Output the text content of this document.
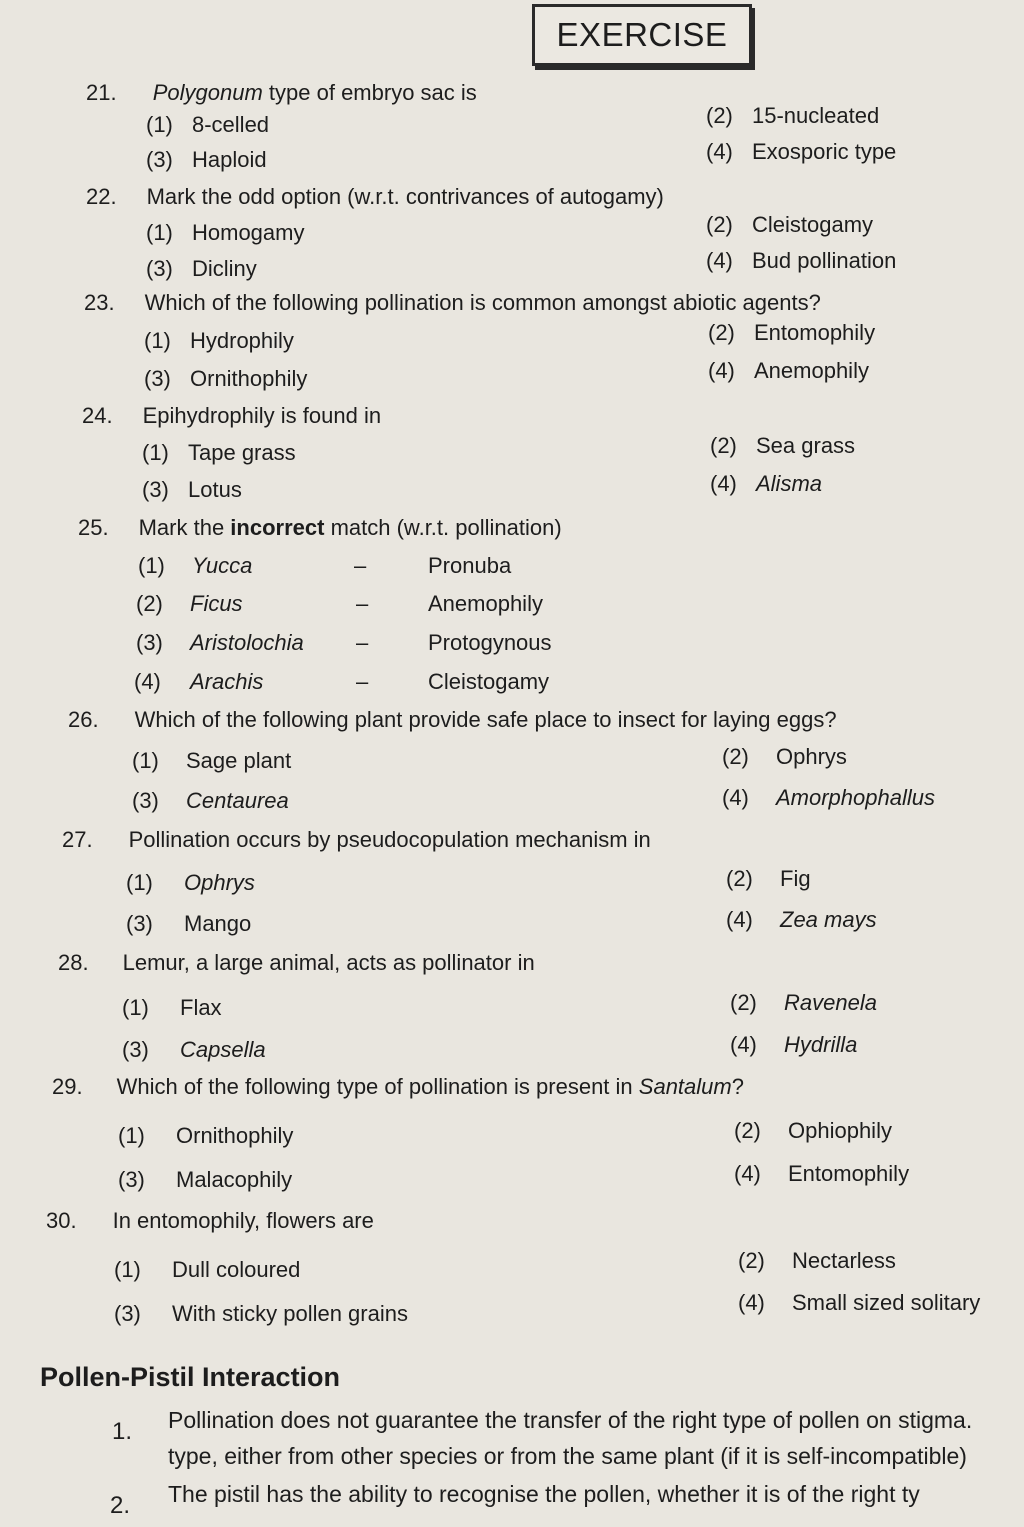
EXERCISE
21. Polygonum type of embryo sac is
(1) 8-celled	(2) 15-nucleated
(3) Haploid	(4) Exosporic type
22. Mark the odd option (w.r.t. contrivances of autogamy)
(1) Homogamy	(2) Cleistogamy
(3) Dicliny	(4) Bud pollination
23. Which of the following pollination is common amongst abiotic agents?
(1) Hydrophily	(2) Entomophily
(3) Ornithophily	(4) Anemophily
24. Epihydrophily is found in
(1) Tape grass	(2) Sea grass
(3) Lotus	(4) Alisma
25. Mark the incorrect match (w.r.t. pollination)
(1) Yucca	–	Pronuba
(2) Ficus	–	Anemophily
(3) Aristolochia –	Protogynous
(4) Arachis	–	Cleistogamy
26. Which of the following plant provide safe place to insect for laying eggs?
(1) Sage plant	(2) Ophrys
(3) Centaurea	(4) Amorphophallus
27. Pollination occurs by pseudocopulation mechanism in
(1) Ophrys	(2) Fig
(3) Mango	(4) Zea mays
28. Lemur, a large animal, acts as pollinator in
(1) Flax	(2) Ravenela
(3) Capsella	(4) Hydrilla
29. Which of the following type of pollination is present in Santalum?
(1) Ornithophily	(2) Ophiophily
(3) Malacophily	(4) Entomophily
30. In entomophily, flowers are
(1) Dull coloured	(2) Nectarless
(3) With sticky pollen grains	(4) Small sized solitary
Pollen-Pistil Interaction
1. Pollination does not guarantee the transfer of the right type of pollen on stigma.
type, either from other species or from the same plant (if it is self-incompatible)
2. The pistil has the ability to recognise the pollen, whether it is of the right ty
